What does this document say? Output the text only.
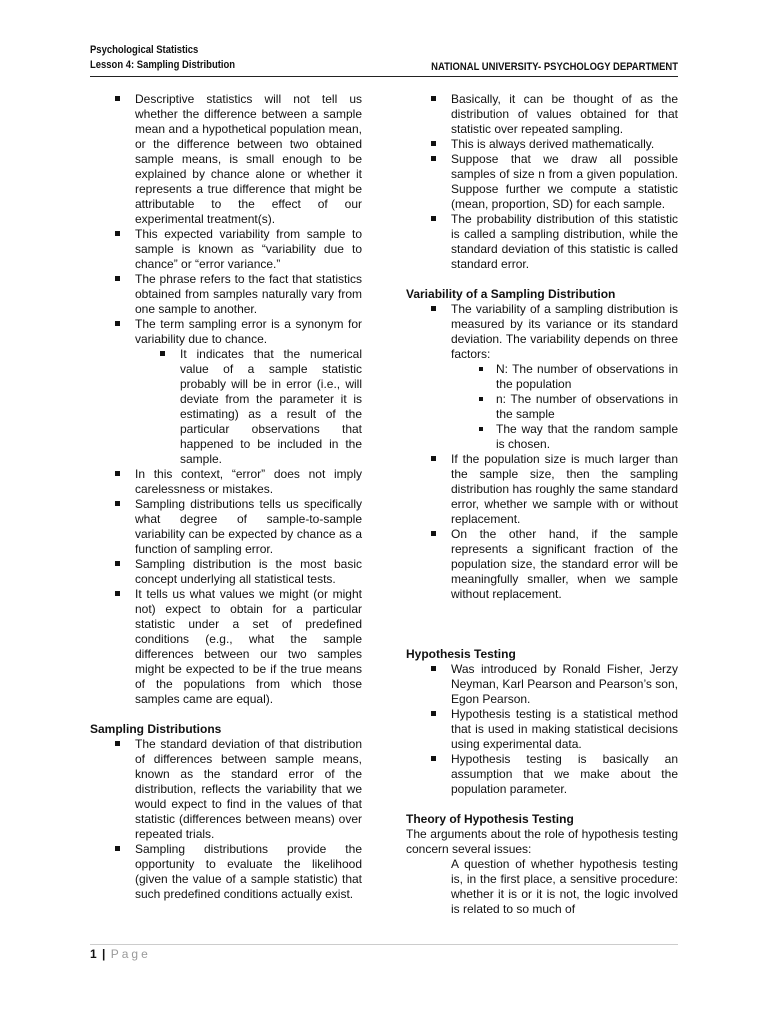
Psychological Statistics
Lesson 4: Sampling Distribution	NATIONAL UNIVERSITY- PSYCHOLOGY DEPARTMENT
Descriptive statistics will not tell us whether the difference between a sample mean and a hypothetical population mean, or the difference between two obtained sample means, is small enough to be explained by chance alone or whether it represents a true difference that might be attributable to the effect of our experimental treatment(s).
This expected variability from sample to sample is known as “variability due to chance” or “error variance.”
The phrase refers to the fact that statistics obtained from samples naturally vary from one sample to another.
The term sampling error is a synonym for variability due to chance.
It indicates that the numerical value of a sample statistic probably will be in error (i.e., will deviate from the parameter it is estimating) as a result of the particular observations that happened to be included in the sample.
In this context, “error” does not imply carelessness or mistakes.
Sampling distributions tells us specifically what degree of sample-to-sample variability can be expected by chance as a function of sampling error.
Sampling distribution is the most basic concept underlying all statistical tests.
It tells us what values we might (or might not) expect to obtain for a particular statistic under a set of predefined conditions (e.g., what the sample differences between our two samples might be expected to be if the true means of the populations from which those samples came are equal).

Sampling Distributions

The standard deviation of that distribution of differences between sample means, known as the standard error of the distribution, reflects the variability that we would expect to find in the values of that statistic (differences between means) over repeated trials.
Sampling distributions provide the opportunity to evaluate the likelihood (given the value of a sample statistic) that such predefined conditions actually exist.
Basically, it can be thought of as the distribution of values obtained for that statistic over repeated sampling.
This is always derived mathematically.
Suppose that we draw all possible samples of size n from a given population. Suppose further we compute a statistic (mean, proportion, SD) for each sample.
The probability distribution of this statistic is called a sampling distribution, while the standard deviation of this statistic is called standard error.

Variability of a Sampling Distribution

The variability of a sampling distribution is measured by its variance or its standard deviation. The variability depends on three factors:
N: The number of observations in the population
n: The number of observations in the sample
The way that the random sample is chosen.
If the population size is much larger than the sample size, then the sampling distribution has roughly the same standard error, whether we sample with or without replacement.
On the other hand, if the sample represents a significant fraction of the population size, the standard error will be meaningfully smaller, when we sample without replacement.

Hypothesis Testing

Was introduced by Ronald Fisher, Jerzy Neyman, Karl Pearson and Pearson’s son, Egon Pearson.
Hypothesis testing is a statistical method that is used in making statistical decisions using experimental data.
Hypothesis testing is basically an assumption that we make about the population parameter.

Theory of Hypothesis Testing

The arguments about the role of hypothesis testing concern several issues:

A question of whether hypothesis testing is, in the first place, a sensitive procedure: whether it is or it is not, the logic involved is related to so much of

1 | Page
